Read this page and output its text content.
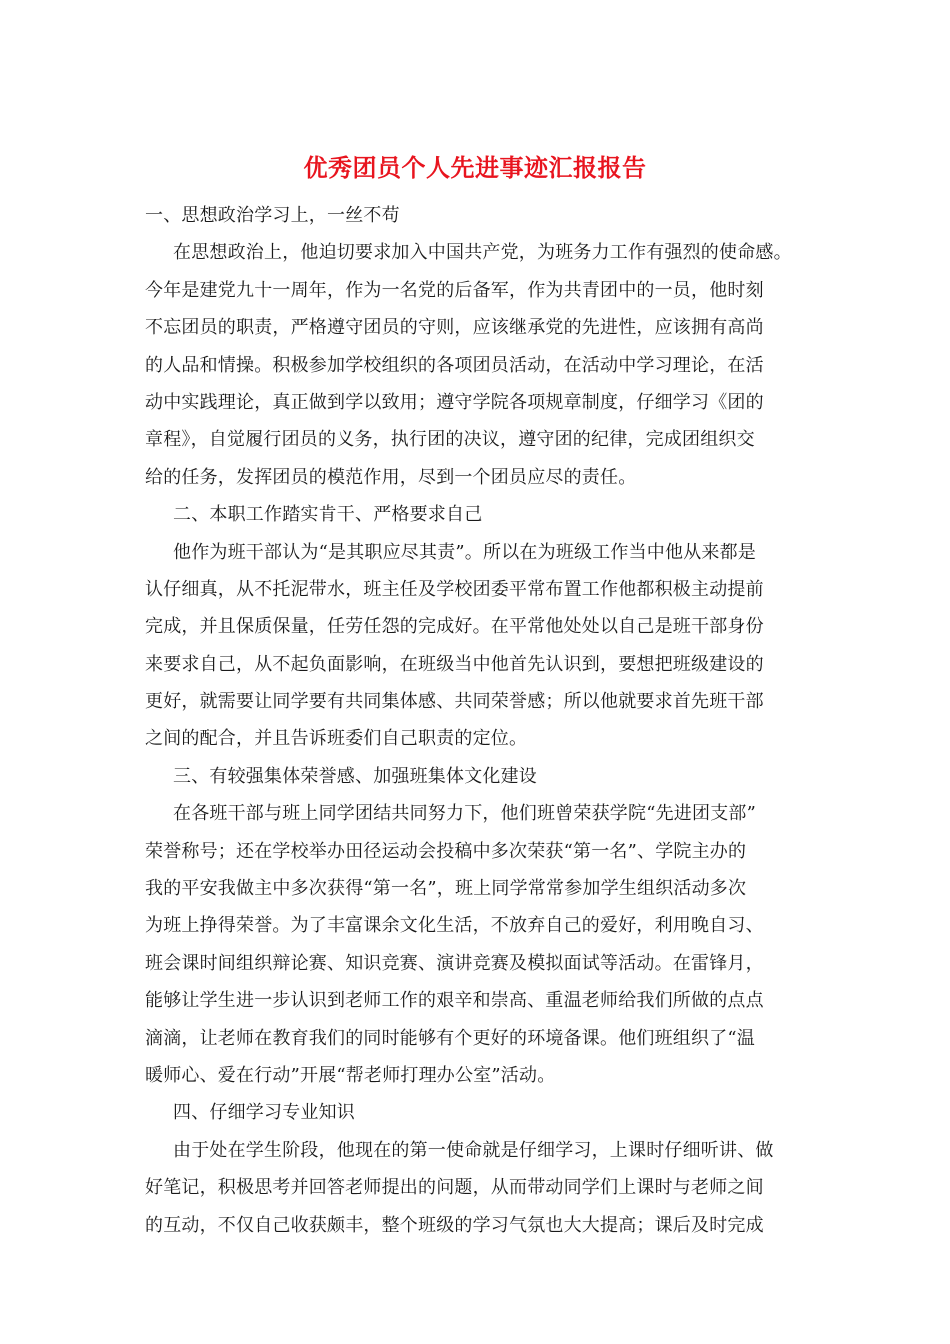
优秀团员个人先进事迹汇报报告
一、思想政治学习上，一丝不苟
在思想政治上，他迫切要求加入中国共产党，为班务力工作有强烈的使命感。
今年是建党九十一周年，作为一名党的后备军，作为共青团中的一员，他时刻
不忘团员的职责，严格遵守团员的守则，应该继承党的先进性，应该拥有高尚
的人品和情操。积极参加学校组织的各项团员活动，在活动中学习理论，在活
动中实践理论，真正做到学以致用；遵守学院各项规章制度，仔细学习《团的
章程》，自觉履行团员的义务，执行团的决议，遵守团的纪律，完成团组织交
给的任务，发挥团员的模范作用，尽到一个团员应尽的责任。
二、本职工作踏实肯干、严格要求自己
他作为班干部认为“是其职应尽其责”。所以在为班级工作当中他从来都是
认仔细真，从不托泥带水，班主任及学校团委平常布置工作他都积极主动提前
完成，并且保质保量，任劳任怨的完成好。在平常他处处以自己是班干部身份
来要求自己，从不起负面影响，在班级当中他首先认识到，要想把班级建设的
更好，就需要让同学要有共同集体感、共同荣誉感；所以他就要求首先班干部
之间的配合，并且告诉班委们自己职责的定位。
三、有较强集体荣誉感、加强班集体文化建设
在各班干部与班上同学团结共同努力下，他们班曾荣获学院“先进团支部”
荣誉称号；还在学校举办田径运动会投稿中多次荣获“第一名”、学院主办的
我的平安我做主中多次获得“第一名”，班上同学常常参加学生组织活动多次
为班上挣得荣誉。为了丰富课余文化生活，不放弃自己的爱好，利用晚自习、
班会课时间组织辩论赛、知识竞赛、演讲竞赛及模拟面试等活动。在雷锋月，
能够让学生进一步认识到老师工作的艰辛和崇高、重温老师给我们所做的点点
滴滴，让老师在教育我们的同时能够有个更好的环境备课。他们班组织了“温
暖师心、爱在行动”开展“帮老师打理办公室”活动。
四、仔细学习专业知识
由于处在学生阶段，他现在的第一使命就是仔细学习，上课时仔细听讲、做
好笔记，积极思考并回答老师提出的问题，从而带动同学们上课时与老师之间
的互动，不仅自己收获颇丰，整个班级的学习气氛也大大提高；课后及时完成
